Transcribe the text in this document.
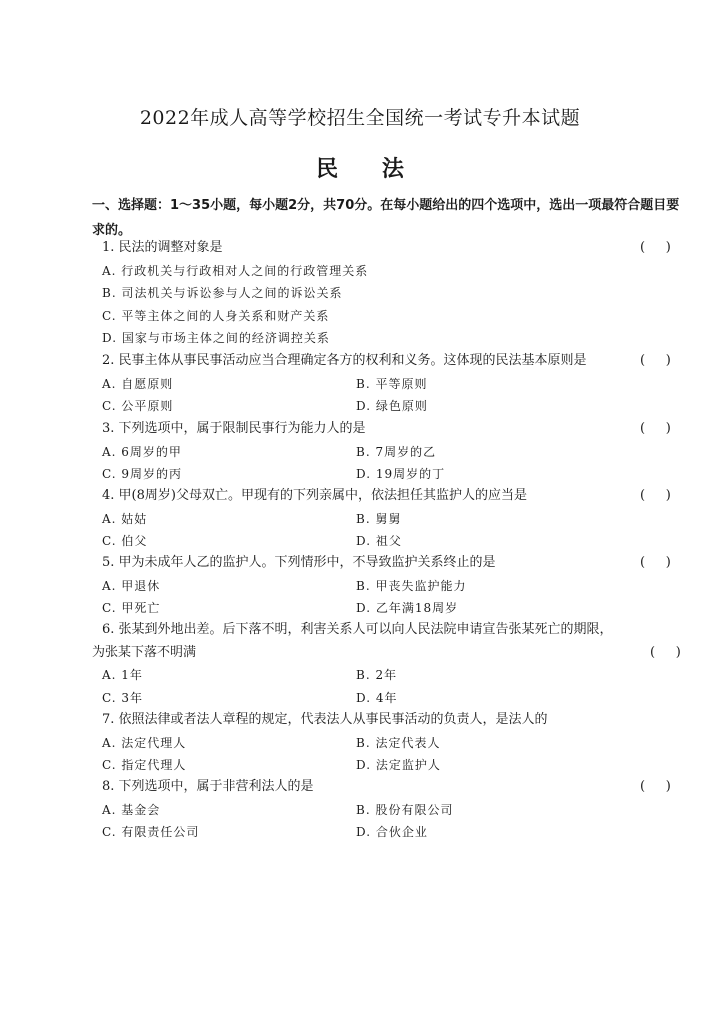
2022年成人高等学校招生全国统一考试专升本试题
民 法
一、选择题：1～35小题，每小题2分，共70分。在每小题给出的四个选项中，选出一项最符合题目要求的。
1. 民法的调整对象是	(     )
A. 行政机关与行政相对人之间的行政管理关系
B. 司法机关与诉讼参与人之间的诉讼关系
C. 平等主体之间的人身关系和财产关系
D. 国家与市场主体之间的经济调控关系
2. 民事主体从事民事活动应当合理确定各方的权利和义务。这体现的民法基本原则是	(     )
A. 自愿原则	B. 平等原则
C. 公平原则	D. 绿色原则
3. 下列选项中，属于限制民事行为能力人的是	(     )
A. 6周岁的甲	B. 7周岁的乙
C. 9周岁的丙	D. 19周岁的丁
4. 甲(8周岁)父母双亡。甲现有的下列亲属中，依法担任其监护人的应当是	(     )
A. 姑姑	B. 舅舅
C. 伯父	D. 祖父
5. 甲为未成年人乙的监护人。下列情形中，不导致监护关系终止的是	(     )
A. 甲退休	B. 甲丧失监护能力
C. 甲死亡	D. 乙年满18周岁
6. 张某到外地出差。后下落不明，利害关系人可以向人民法院申请宣告张某死亡的期限，为张某下落不明满	(     )
A. 1年	B. 2年
C. 3年	D. 4年
7. 依照法律或者法人章程的规定，代表法人从事民事活动的负责人，是法人的
A. 法定代理人	B. 法定代表人
C. 指定代理人	D. 法定监护人
8. 下列选项中，属于非营利法人的是	(     )
A. 基金会	B. 股份有限公司
C. 有限责任公司	D. 合伙企业
